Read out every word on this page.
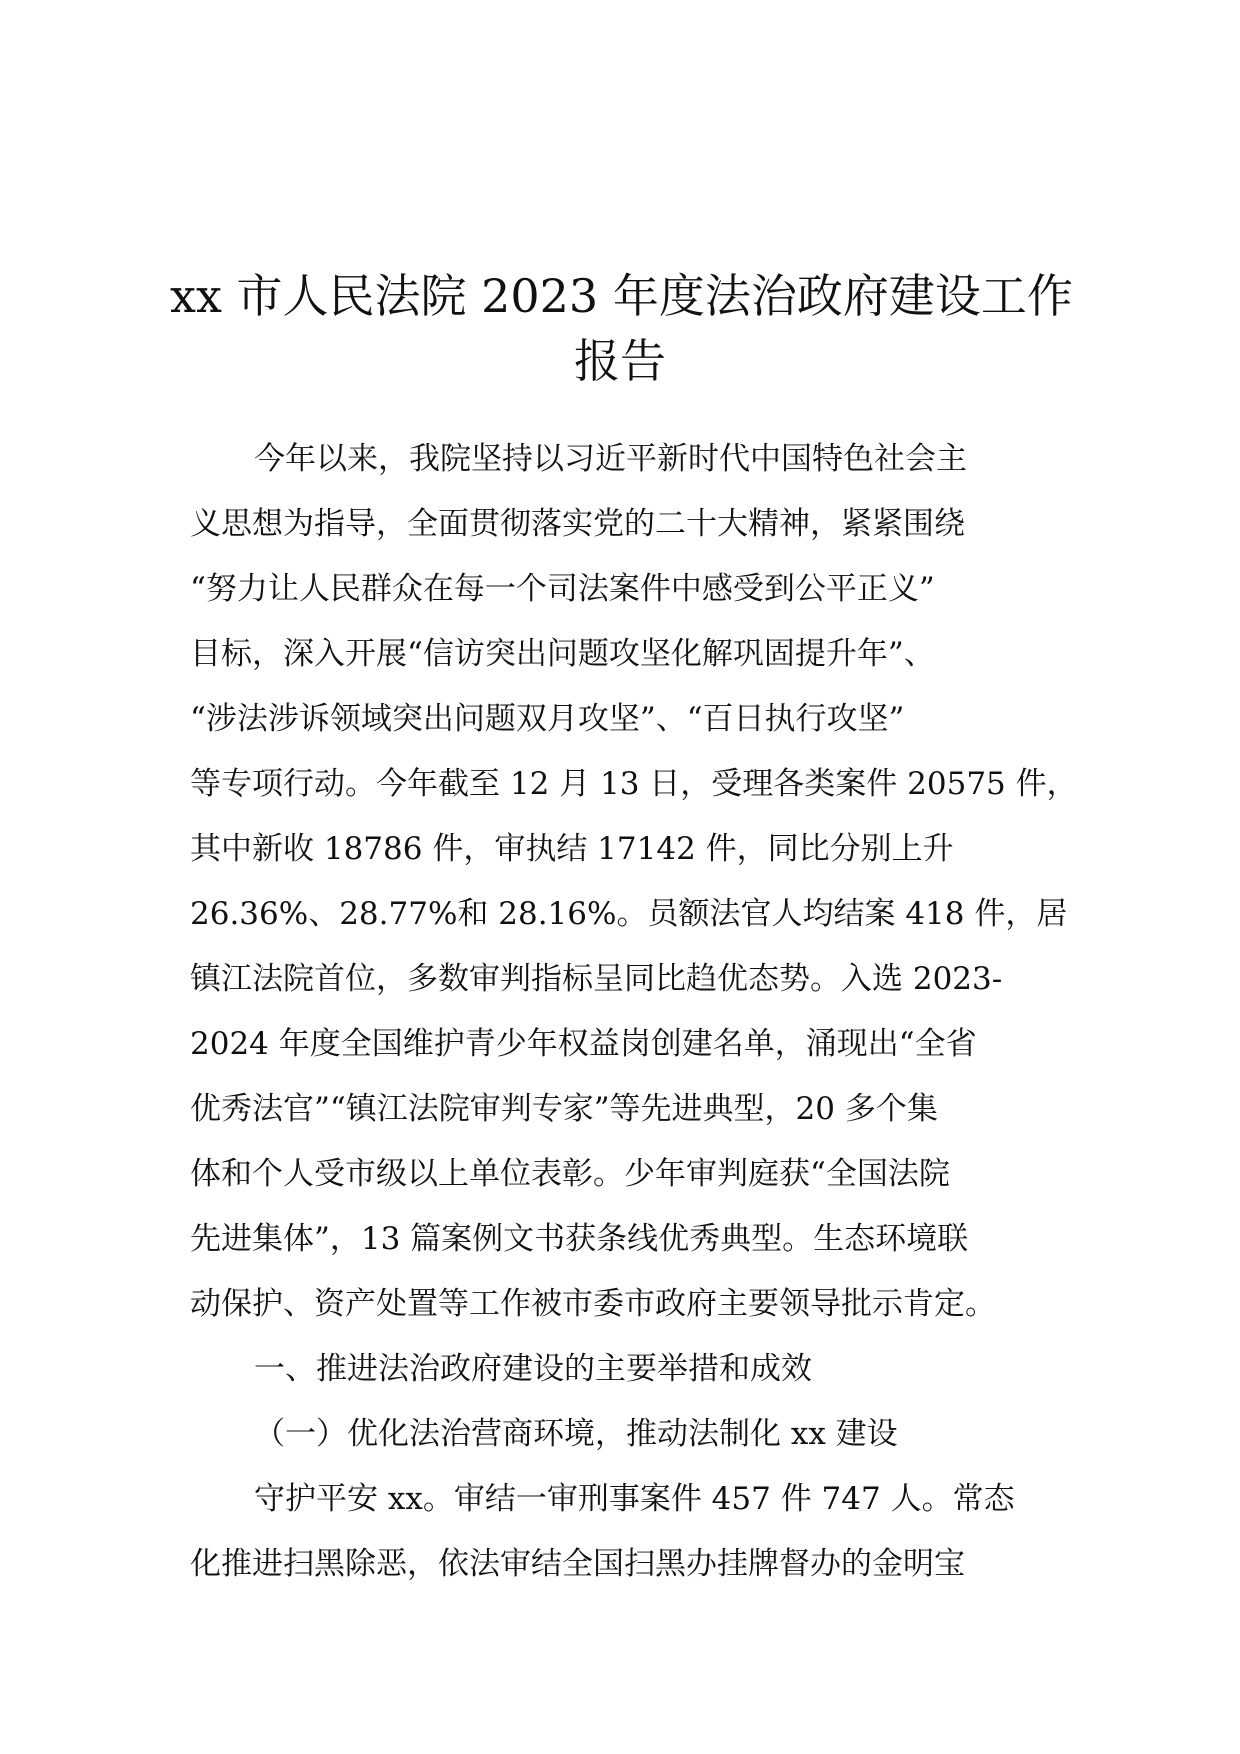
xx 市人民法院 2023 年度法治政府建设工作
报告
今年以来，我院坚持以习近平新时代中国特色社会主
义思想为指导，全面贯彻落实党的二十大精神，紧紧围绕
“努力让人民群众在每一个司法案件中感受到公平正义”
目标，深入开展“信访突出问题攻坚化解巩固提升年”、
“涉法涉诉领域突出问题双月攻坚”、“百日执行攻坚”
等专项行动。今年截至 12 月 13 日，受理各类案件 20575 件，
其中新收 18786 件，审执结 17142 件，同比分别上升
26.36%、28.77%和 28.16%。员额法官人均结案 418 件，居
镇江法院首位，多数审判指标呈同比趋优态势。入选 2023-
2024 年度全国维护青少年权益岗创建名单，涌现出“全省
优秀法官”“镇江法院审判专家”等先进典型，20 多个集
体和个人受市级以上单位表彰。少年审判庭获“全国法院
先进集体”，13 篇案例文书获条线优秀典型。生态环境联
动保护、资产处置等工作被市委市政府主要领导批示肯定。
一、推进法治政府建设的主要举措和成效
（一）优化法治营商环境，推动法制化 xx 建设
守护平安 xx。审结一审刑事案件 457 件 747 人。常态
化推进扫黑除恶，依法审结全国扫黑办挂牌督办的金明宝
